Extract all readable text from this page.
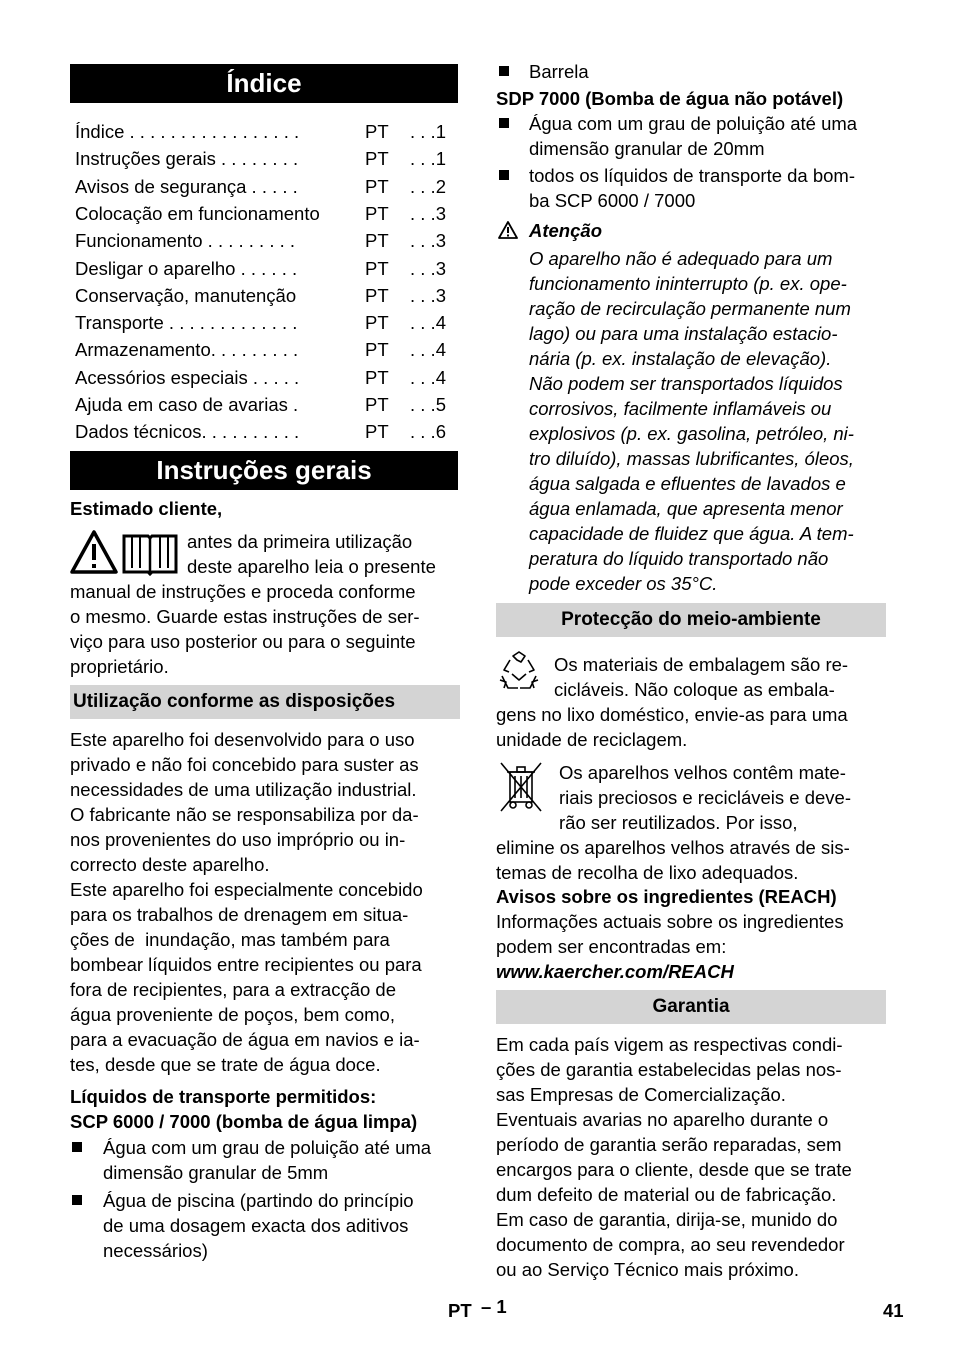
Índice
Índice . . . . . . . . . . . . . . . . .	PT . . .1
Instruções gerais . . . . . . . .	PT . . .1
Avisos de segurança . . . . .	PT . . .2
Colocação em funcionamento PT . . .3
Funcionamento . . . . . . . . .	PT . . .3
Desligar o aparelho . . . . . .	PT . . .3
Conservação, manutenção	PT . . .3
Transporte . . . . . . . . . . . . .	PT . . .4
Armazenamento. . . . . . . . .	PT . . .4
Acessórios especiais . . . . .	PT . . .4
Ajuda em caso de avarias .	PT . . .5
Dados técnicos. . . . . . . . . .	PT . . .6
Instruções gerais
Estimado cliente,
antes da primeira utilização
deste aparelho leia o presente
manual de instruções e proceda conforme
o mesmo. Guarde estas instruções de ser-
viço para uso posterior ou para o seguinte
proprietário.
Utilização conforme as disposições
Este aparelho foi desenvolvido para o uso
privado e não foi concebido para suster as
necessidades de uma utilização industrial.
O fabricante não se responsabiliza por da-
nos provenientes do uso impróprio ou in-
correcto deste aparelho.
Este aparelho foi especialmente concebido
para os trabalhos de drenagem em situa-
ções de  inundação, mas também para
bombear líquidos entre recipientes ou para
fora de recipientes, para a extracção de
água proveniente de poços, bem como,
para a evacuação de água em navios e ia-
tes, desde que se trate de água doce.
Líquidos de transporte permitidos:
SCP 6000 / 7000 (bomba de água limpa)
Água com um grau de poluição até uma
dimensão granular de 5mm
Água de piscina (partindo do princípio
de uma dosagem exacta dos aditivos
necessários)
Barrela
SDP 7000 (Bomba de água não potável)
Água com um grau de poluição até uma
dimensão granular de 20mm
todos os líquidos de transporte da bom-
ba SCP 6000 / 7000
Atenção
O aparelho não é adequado para um
funcionamento ininterrupto (p. ex. ope-
ração de recirculação permanente num
lago) ou para uma instalação estacio-
nária (p. ex. instalação de elevação).
Não podem ser transportados líquidos
corrosivos, facilmente inflamáveis ou
explosivos (p. ex. gasolina, petróleo, ni-
tro diluído), massas lubrificantes, óleos,
água salgada e efluentes de lavados e
água enlamada, que apresenta menor
capacidade de fluidez que água. A tem-
peratura do líquido transportado não
pode exceder os 35°C.
Protecção do meio-ambiente
Os materiais de embalagem são re-
cicláveis. Não coloque as embala-
gens no lixo doméstico, envie-as para uma
unidade de reciclagem.
Os aparelhos velhos contêm mate-
riais preciosos e recicláveis e deve-
rão ser reutilizados. Por isso,
elimine os aparelhos velhos através de sis-
temas de recolha de lixo adequados.
Avisos sobre os ingredientes (REACH)
Informações actuais sobre os ingredientes
podem ser encontradas em:
www.kaercher.com/REACH
Garantia
Em cada país vigem as respectivas condi-
ções de garantia estabelecidas pelas nos-
sas Empresas de Comercialização.
Eventuais avarias no aparelho durante o
período de garantia serão reparadas, sem
encargos para o cliente, desde que se trate
dum defeito de material ou de fabricação.
Em caso de garantia, dirija-se, munido do
documento de compra, ao seu revendedor
ou ao Serviço Técnico mais próximo.
PT – 1	41
